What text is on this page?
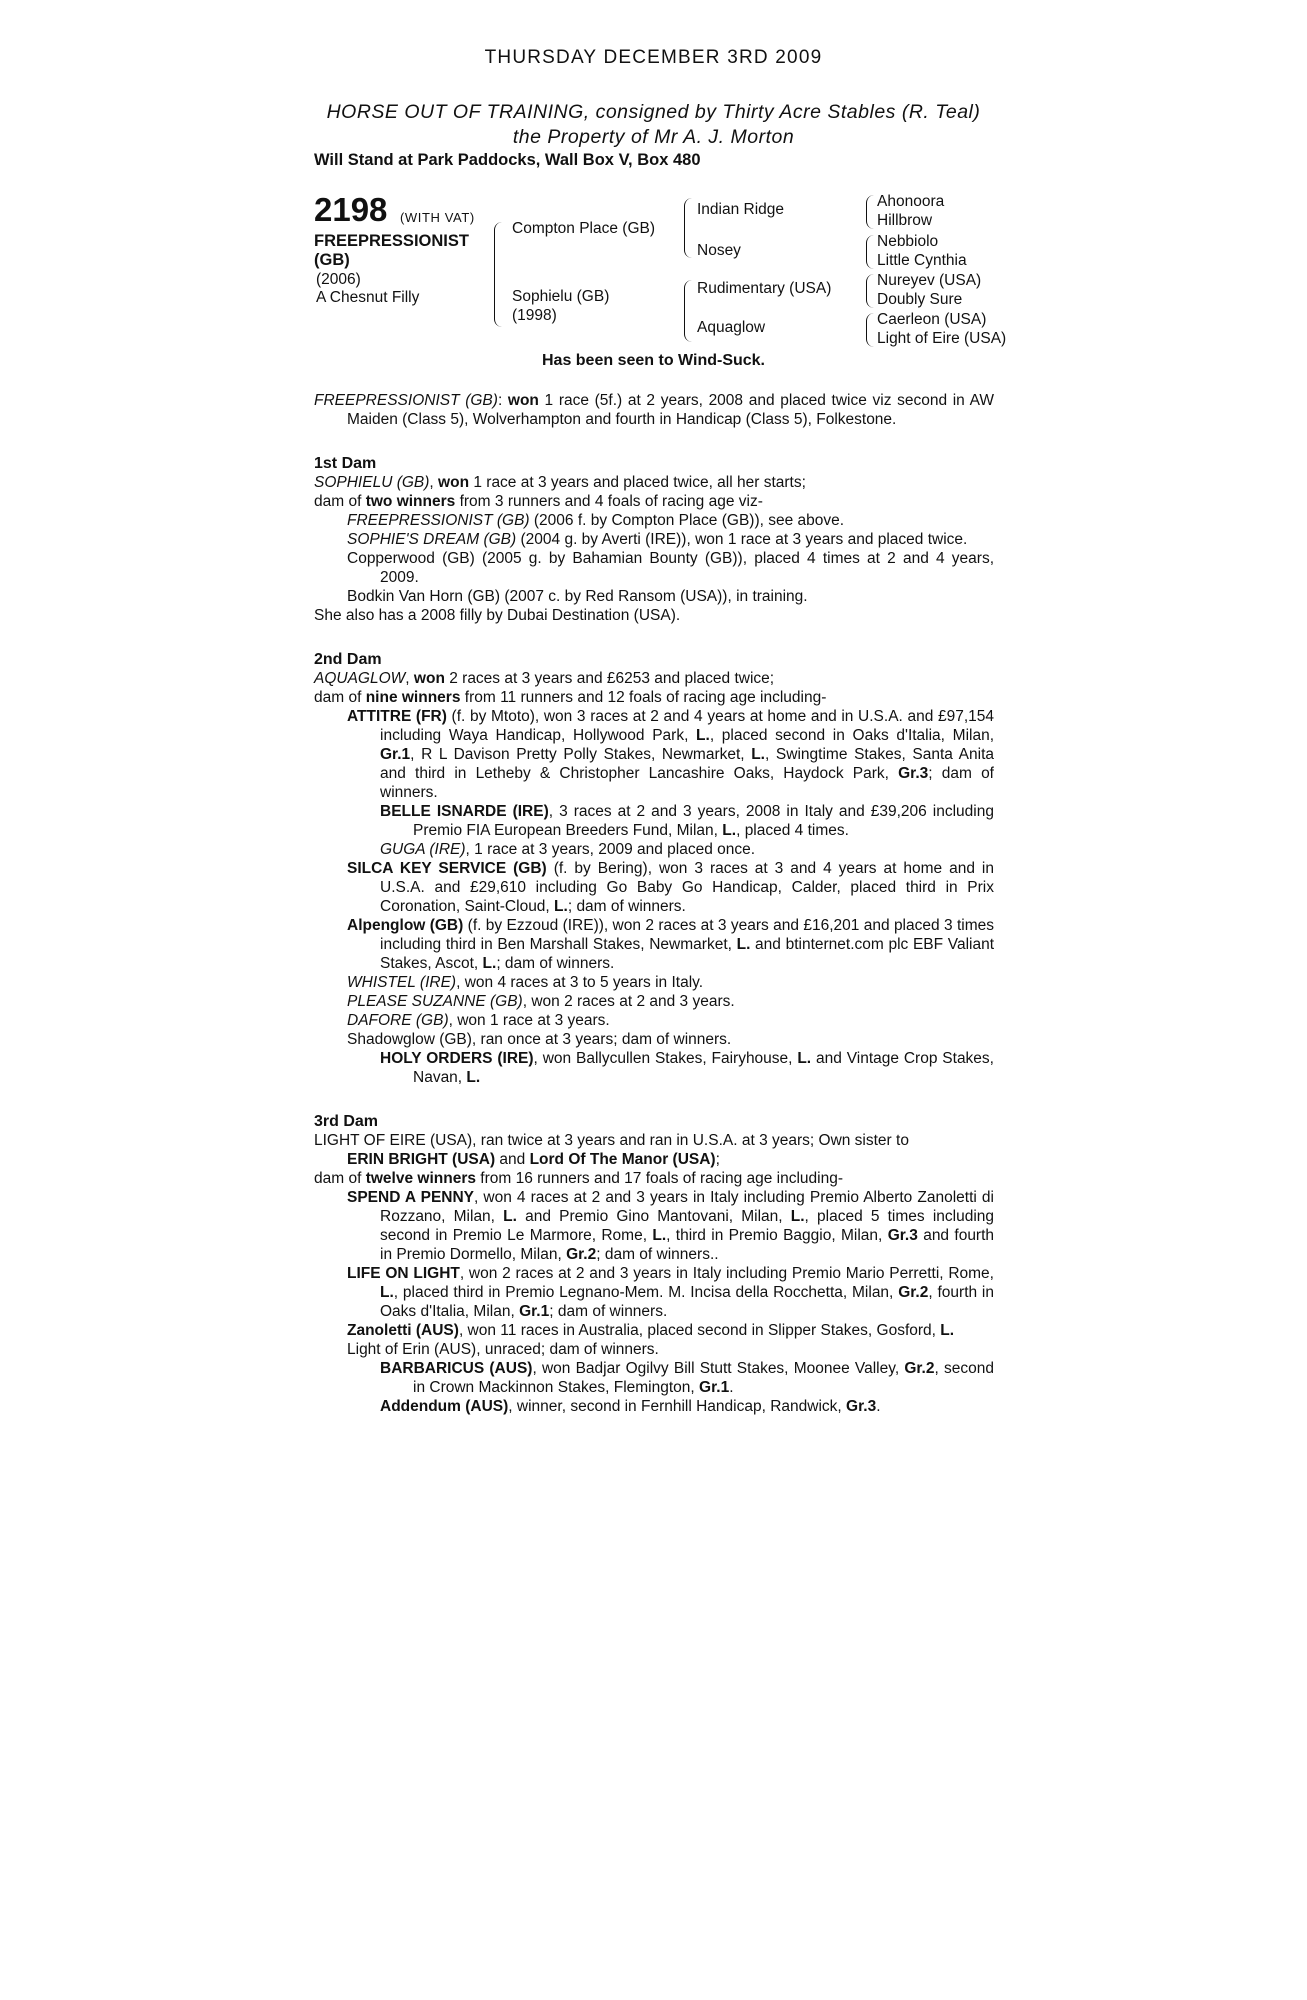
THURSDAY DECEMBER 3RD 2009
HORSE OUT OF TRAINING, consigned by Thirty Acre Stables (R. Teal)
the Property of Mr A. J. Morton
Will Stand at Park Paddocks, Wall Box V, Box 480
2198 (WITH VAT)
FREEPRESSIONIST
(GB)
(2006)
A Chesnut Filly
Compton Place (GB)
Sophielu (GB)
(1998)
Indian Ridge
Nosey
Rudimentary (USA)
Aquaglow
Ahonoora
Hillbrow
Nebbiolo
Little Cynthia
Nureyev (USA)
Doubly Sure
Caerleon (USA)
Light of Eire (USA)
Has been seen to Wind-Suck.

FREEPRESSIONIST (GB): won 1 race (5f.) at 2 years, 2008 and placed twice viz second in AW Maiden (Class 5), Wolverhampton and fourth in Handicap (Class 5), Folkestone.

1st Dam

SOPHIELU (GB), won 1 race at 3 years and placed twice, all her starts;

dam of two winners from 3 runners and 4 foals of racing age viz-

FREEPRESSIONIST (GB) (2006 f. by Compton Place (GB)), see above.

SOPHIE'S DREAM (GB) (2004 g. by Averti (IRE)), won 1 race at 3 years and placed twice.

Copperwood (GB) (2005 g. by Bahamian Bounty (GB)), placed 4 times at 2 and 4 years, 2009.

Bodkin Van Horn (GB) (2007 c. by Red Ransom (USA)), in training.

She also has a 2008 filly by Dubai Destination (USA).

2nd Dam

AQUAGLOW, won 2 races at 3 years and £6253 and placed twice;

dam of nine winners from 11 runners and 12 foals of racing age including-

ATTITRE (FR) (f. by Mtoto), won 3 races at 2 and 4 years at home and in U.S.A. and £97,154 including Waya Handicap, Hollywood Park, L., placed second in Oaks d'Italia, Milan, Gr.1, R L Davison Pretty Polly Stakes, Newmarket, L., Swingtime Stakes, Santa Anita and third in Letheby & Christopher Lancashire Oaks, Haydock Park, Gr.3; dam of winners.

BELLE ISNARDE (IRE), 3 races at 2 and 3 years, 2008 in Italy and £39,206 including Premio FIA European Breeders Fund, Milan, L., placed 4 times.

GUGA (IRE), 1 race at 3 years, 2009 and placed once.

SILCA KEY SERVICE (GB) (f. by Bering), won 3 races at 3 and 4 years at home and in U.S.A. and £29,610 including Go Baby Go Handicap, Calder, placed third in Prix Coronation, Saint-Cloud, L.; dam of winners.

Alpenglow (GB) (f. by Ezzoud (IRE)), won 2 races at 3 years and £16,201 and placed 3 times including third in Ben Marshall Stakes, Newmarket, L. and btinternet.com plc EBF Valiant Stakes, Ascot, L.; dam of winners.

WHISTEL (IRE), won 4 races at 3 to 5 years in Italy.

PLEASE SUZANNE (GB), won 2 races at 2 and 3 years.

DAFORE (GB), won 1 race at 3 years.

Shadowglow (GB), ran once at 3 years; dam of winners.

HOLY ORDERS (IRE), won Ballycullen Stakes, Fairyhouse, L. and Vintage Crop Stakes, Navan, L.

3rd Dam

LIGHT OF EIRE (USA), ran twice at 3 years and ran in U.S.A. at 3 years; Own sister to

ERIN BRIGHT (USA) and Lord Of The Manor (USA);

dam of twelve winners from 16 runners and 17 foals of racing age including-

SPEND A PENNY, won 4 races at 2 and 3 years in Italy including Premio Alberto Zanoletti di Rozzano, Milan, L. and Premio Gino Mantovani, Milan, L., placed 5 times including second in Premio Le Marmore, Rome, L., third in Premio Baggio, Milan, Gr.3 and fourth in Premio Dormello, Milan, Gr.2; dam of winners..

LIFE ON LIGHT, won 2 races at 2 and 3 years in Italy including Premio Mario Perretti, Rome, L., placed third in Premio Legnano-Mem. M. Incisa della Rocchetta, Milan, Gr.2, fourth in Oaks d'Italia, Milan, Gr.1; dam of winners.

Zanoletti (AUS), won 11 races in Australia, placed second in Slipper Stakes, Gosford, L.

Light of Erin (AUS), unraced; dam of winners.

BARBARICUS (AUS), won Badjar Ogilvy Bill Stutt Stakes, Moonee Valley, Gr.2, second in Crown Mackinnon Stakes, Flemington, Gr.1.

Addendum (AUS), winner, second in Fernhill Handicap, Randwick, Gr.3.
